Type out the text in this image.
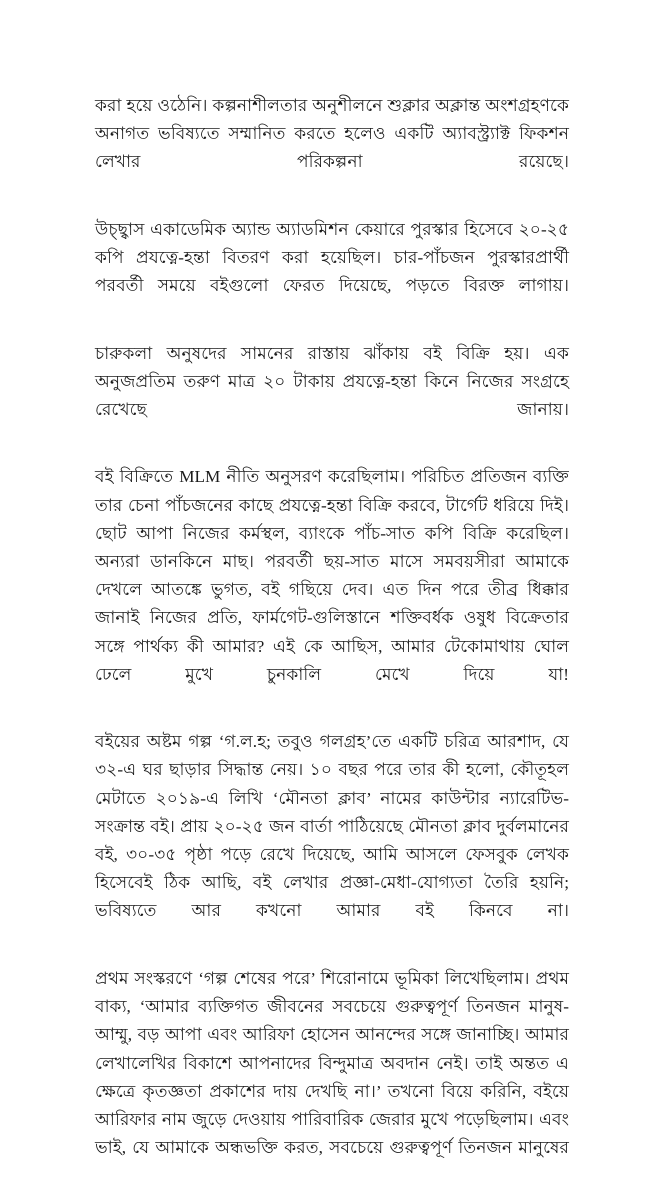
করা হয়ে ওঠেনি। কল্পনাশীলতার অনুশীলনে শুক্লার অক্লান্ত অংশগ্রহণকে অনাগত ভবিষ্যতে সম্মানিত করতে হলেও একটি অ্যাবস্ট্র্যাক্ট ফিকশন লেখার পরিকল্পনা রয়েছে।

উচ্ছ্বাস একাডেমিক অ্যান্ড অ্যাডমিশন কেয়ারে পুরস্কার হিসেবে ২০-২৫ কপি প্রযত্নে-হন্তা বিতরণ করা হয়েছিল। চার-পাঁচজন পুরস্কারপ্রার্থী পরবর্তী সময়ে বইগুলো ফেরত দিয়েছে, পড়তে বিরক্ত লাগায়।

চারুকলা অনুষদের সামনের রাস্তায় ঝাঁকায় বই বিক্রি হয়। এক অনুজপ্রতিম তরুণ মাত্র ২০ টাকায় প্রযত্নে-হন্তা কিনে নিজের সংগ্রহে রেখেছে জানায়।

বই বিক্রিতে MLM নীতি অনুসরণ করেছিলাম। পরিচিত প্রতিজন ব্যক্তি তার চেনা পাঁচজনের কাছে প্রযত্নে-হন্তা বিক্রি করবে, টার্গেট ধরিয়ে দিই। ছোট আপা নিজের কর্মস্থল, ব্যাংকে পাঁচ-সাত কপি বিক্রি করেছিল। অন্যরা ডানকিনে মাছ। পরবর্তী ছয়-সাত মাসে সমবয়সীরা আমাকে দেখলে আতঙ্কে ভুগত, বই গছিয়ে দেব। এত দিন পরে তীব্র ধিক্কার জানাই নিজের প্রতি, ফার্মগেট-গুলিস্তানে শক্তিবর্ধক ওষুধ বিক্রেতার সঙ্গে পার্থক্য কী আমার? এই কে আছিস, আমার টেকোমাথায় ঘোল ঢেলে মুখে চুনকালি মেখে দিয়ে যা!

বইয়ের অষ্টম গল্প ‘গ.ল.হ; তবুও গলগ্রহ’তে একটি চরিত্র আরশাদ, যে ৩২-এ ঘর ছাড়ার সিদ্ধান্ত নেয়। ১০ বছর পরে তার কী হলো, কৌতূহল মেটাতে ২০১৯-এ লিখি ‘মৌনতা ক্লাব’ নামের কাউন্টার ন্যারেটিভ-সংক্রান্ত বই। প্রায় ২০-২৫ জন বার্তা পাঠিয়েছে মৌনতা ক্লাব দুর্বলমানের বই, ৩০-৩৫ পৃষ্ঠা পড়ে রেখে দিয়েছে, আমি আসলে ফেসবুক লেখক হিসেবেই ঠিক আছি, বই লেখার প্রজ্ঞা-মেধা-যোগ্যতা তৈরি হয়নি; ভবিষ্যতে আর কখনো আমার বই কিনবে না।

প্রথম সংস্করণে ‘গল্প শেষের পরে’ শিরোনামে ভূমিকা লিখেছিলাম। প্রথম বাক্য, ‘আমার ব্যক্তিগত জীবনের সবচেয়ে গুরুত্বপূর্ণ তিনজন মানুষ-আম্মু, বড় আপা এবং আরিফা হোসেন আনন্দের সঙ্গে জানাচ্ছি। আমার লেখালেখির বিকাশে আপনাদের বিন্দুমাত্র অবদান নেই। তাই অন্তত এ ক্ষেত্রে কৃতজ্ঞতা প্রকাশের দায় দেখছি না।’ তখনো বিয়ে করিনি, বইয়ে আরিফার নাম জুড়ে দেওয়ায় পারিবারিক জেরার মুখে পড়েছিলাম। এবং ভাই, যে আমাকে অন্ধভক্তি করত, সবচেয়ে গুরুত্বপূর্ণ তিনজন মানুষের
